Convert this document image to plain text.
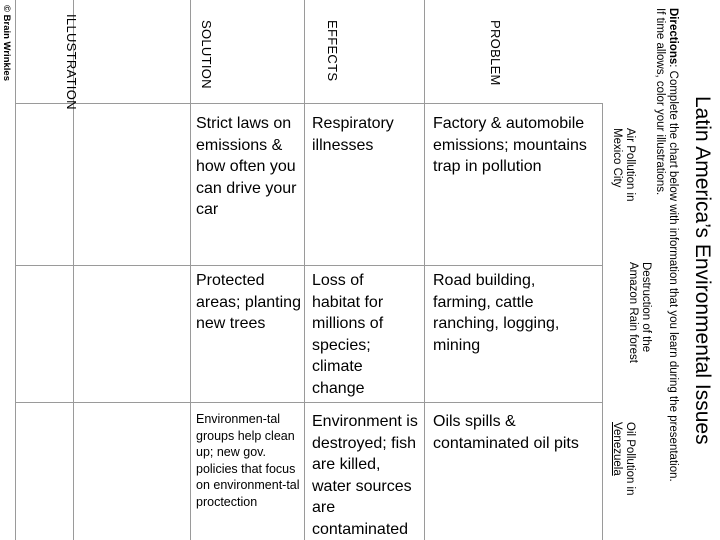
Latin America’s Environmental Issues
Directions: Complete the chart below with information that you learn during the presentation. If time allows, color your illustrations.
PROBLEM
EFFECTS
SOLUTION
ILLUSTRATION
Air Pollution in Mexico City
Destruction of the Amazon Rain forest
Oil Pollution in Venezuela
Factory & automobile emissions; mountains trap in pollution
Respiratory illnesses
Strict laws on emissions & how often you can drive your car
Road building, farming, cattle ranching, logging, mining
Loss of habitat for millions of species; climate change
Protected areas; planting new trees
Oils spills & contaminated oil pits
Environment is destroyed; fish are killed, water sources are contaminated
Environmen-tal groups help clean up; new gov. policies that focus on environment-tal proctection
© Brain Wrinkles
